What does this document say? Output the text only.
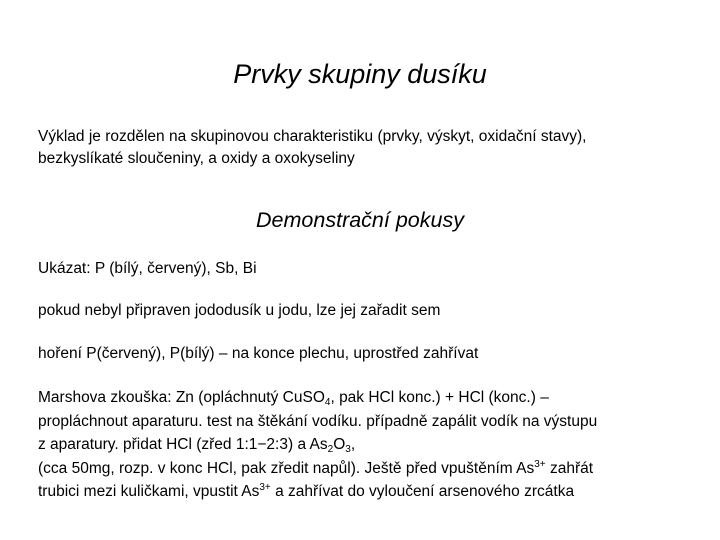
Prvky skupiny dusíku

Výklad je rozdělen na skupinovou charakteristiku (prvky, výskyt, oxidační stavy),
bezkyslíkaté sloučeniny, a oxidy a oxokyseliny

Demonstrační pokusy

Ukázat: P (bílý, červený), Sb, Bi

pokud nebyl připraven jododusík u jodu, lze jej zařadit sem

hoření P(červený), P(bílý) – na konce plechu, uprostřed zahřívat

Marshova zkouška: Zn (opláchnutý CuSO$_4$, pak HCl konc.) + HCl (konc.) –
propláchnout aparaturu. test na štěkání vodíku. případně zapálit vodík na výstupu
z aparatury. přidat HCl (zřed 1:1−2:3) a $As_2O_3$,
(cca 50mg, rozp. v konc HCl, pak zředit napůl). Ještě před vpuštěním $As^{3+}$ zahřát
trubici mezi kuličkami, vpustit $As^{3+}$ a zahřívat do vyloučení arsenového zrcátka
